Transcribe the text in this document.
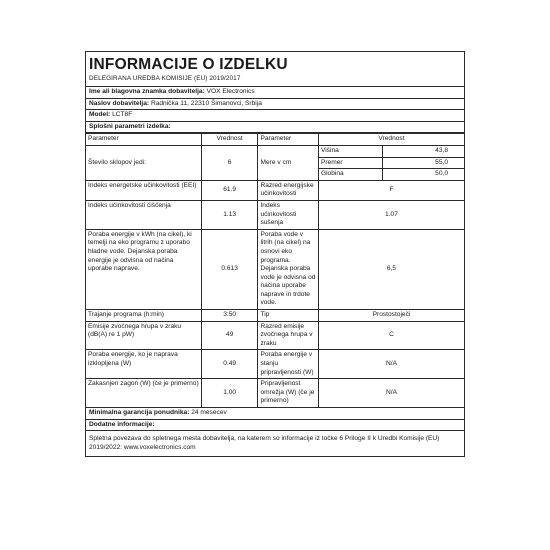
INFORMACIJE O IZDELKU
DELEGIRANA UREDBA KOMISIJE (EU) 2019/2017
Ime ali blagovna znamka dobavitelja: VOX Electronics
Naslov dobavitelja: Radnička 11, 22310 Šimanovci, Srbija
Model: LCT8F
Splošni parametri izdelka:
Parameter	Vrednost	Parameter	Vrednost
Število sklopov jedi:	6	Mere v cm	
Višina	43,8
Premer	55,0
Globina	50,0

Indeks energetske učinkovitosti (EEI)	61.9	Razred energijske učinkovitosti	F
Indeks učinkovitosti čiščenja	1.13	Indeks učinkovitosti sušenja	1.07
Poraba energije v kWh (na cikel), ki temelji na eko programu z uporabo hladne vode. Dejanska poraba energije je odvisna od načina uporabe naprave.	0.613	Poraba vode v litrih (na cikel) na osnovi eko programa. Dejanska poraba vode je odvisna od načina uporabe naprave in trdote vode.	6,5
Trajanje programa (h:min)	3:50	Tip	Prostostoječi
Emisije zvočnega hrupa v zraku (dB(A) re 1 pW)	49	Razred emisije zvočnega hrupa v zraku	C
Poraba energije, ko je naprava izklopljena (W)	0.49	Poraba energije v stanju pripravljenosti (W)	N/A
Zakasnjen zagon (W) (če je primerno)	1.00	Pripravljenost omrežja (W) (če je primerno)	N/A
Minimalna garancija ponudnika: 24 mesecev
Dodatne informacije:
Spletna povezava do spletnega mesta dobavitelja, na katerem so informacije iz točke 6 Priloge II k Uredbi Komisije (EU) 2019/2022: www.voxelectronics.com
